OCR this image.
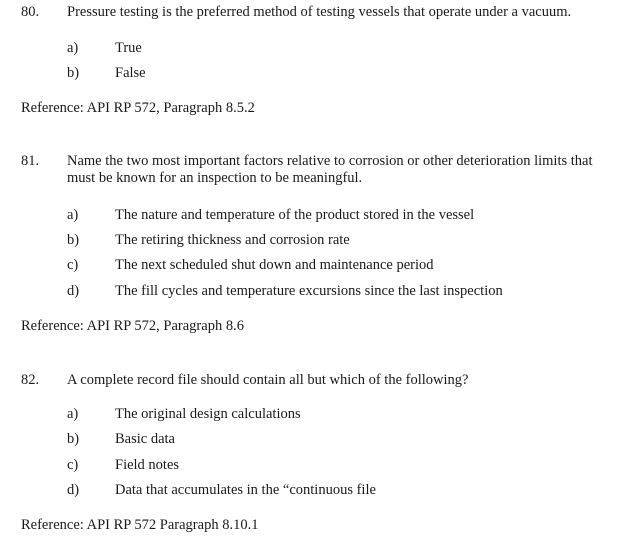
80. Pressure testing is the preferred method of testing vessels that operate under a vacuum.
a)	True
b) False
Reference: API RP 572, Paragraph 8.5.2
81. Name the two most important factors relative to corrosion or other deterioration limits that must be known for an inspection to be meaningful.
a)	The nature and temperature of the product stored in the vessel
b) The retiring thickness and corrosion rate
c)	The next scheduled shut down and maintenance period
d) The fill cycles and temperature excursions since the last inspection
Reference: API RP 572, Paragraph 8.6
82. A complete record file should contain all but which of the following?
a)	The original design calculations
b) Basic data
c)	Field notes
d) Data that accumulates in the “continuous file
Reference: API RP 572 Paragraph 8.10.1
